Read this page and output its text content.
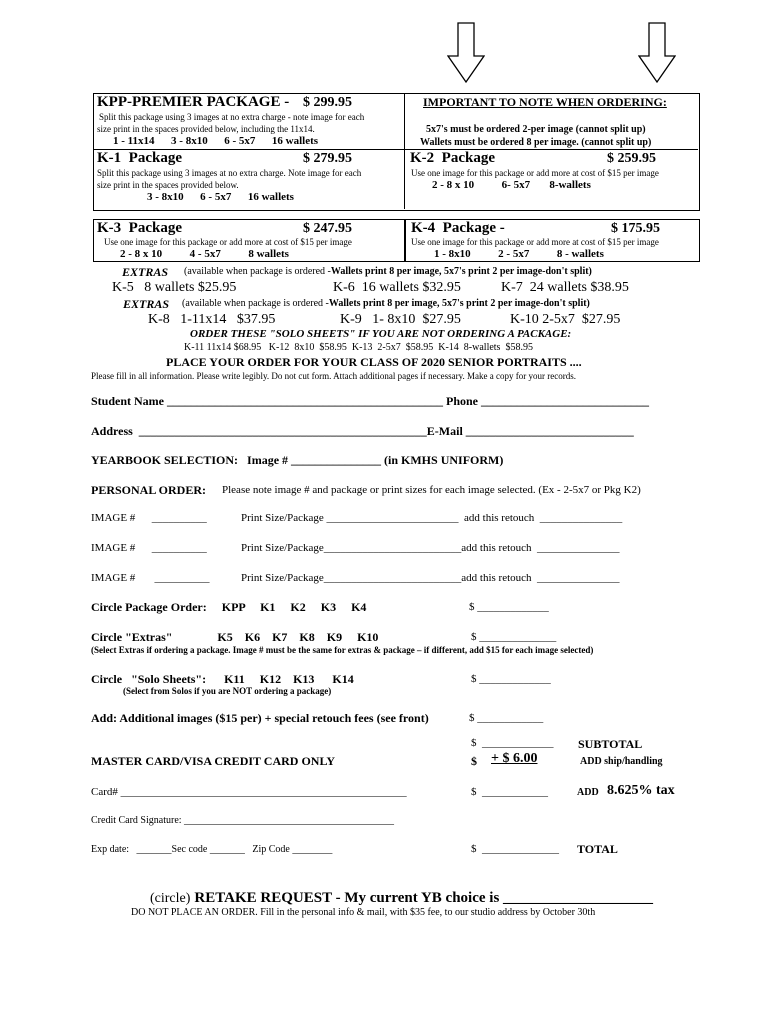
KPP-PREMIER PACKAGE - $ 299.95
Split this package using 3 images at no extra charge - note image for each
size print in the spaces provided below, including the 11x14.
1 - 11x14      3 - 8x10      6 - 5x7      16 wallets
IMPORTANT TO NOTE WHEN ORDERING:
5x7's must be ordered 2-per image (cannot split up)
Wallets must be ordered 8 per image. (cannot split up)
K-1  Package	$ 279.95
Split this package using 3 images at no extra charge. Note image for each
size print in the spaces provided below.
3 - 8x10      6 - 5x7      16 wallets
K-2  Package	$ 259.95
Use one image for this package or add more at cost of $15 per image
2 - 8 x 10          6- 5x7       8-wallets
K-3  Package	$ 247.95
Use one image for this package or add more at cost of $15 per image
2 - 8 x 10          4 - 5x7          8 wallets
K-4  Package -	$ 175.95
Use one image for this package or add more at cost of $15 per image
1 - 8x10          2 - 5x7          8 - wallets
EXTRAS (available when package is ordered -Wallets print 8 per image, 5x7's print 2 per image-don't split)
K-5   8 wallets $25.95	K-6  16 wallets $32.95	K-7  24 wallets $38.95
EXTRAS (available when package is ordered -Wallets print 8 per image, 5x7's print 2 per image-don't split)
K-8   1-11x14   $37.95	K-9   1- 8x10  $27.95	K-10 2-5x7  $27.95
ORDER THESE "SOLO SHEETS" IF YOU ARE NOT ORDERING A PACKAGE:
K-11 11x14 $68.95   K-12  8x10  $58.95  K-13  2-5x7  $58.95  K-14  8-wallets  $58.95
PLACE YOUR ORDER FOR YOUR CLASS OF 2020 SENIOR PORTRAITS ....
Please fill in all information. Please write legibly. Do not cut form. Attach additional pages if necessary. Make a copy for your records.
Student Name ______________________________________________ Phone ____________________________
Address  ________________________________________________E-Mail ____________________________
YEARBOOK SELECTION:   Image # _______________ (in KMHS UNIFORM)
PERSONAL ORDER: Please note image # and package or print sizes for each image selected. (Ex - 2-5x7 or Pkg K2)
IMAGE #      __________	Print Size/Package ________________________  add this retouch  _______________
IMAGE #      __________	Print Size/Package_________________________add this retouch  _______________
IMAGE #       __________	Print Size/Package_________________________add this retouch  _______________
Circle Package Order:     KPP     K1     K2     K3     K4	$ _____________
Circle "Extras"               K5    K6    K7    K8    K9     K10	$ ______________
(Select Extras if ordering a package. Image # must be the same for extras & package – if different, add $15 for each image selected)
Circle   "Solo Sheets":      K11     K12    K13      K14	$ _____________
(Select from Solos if you are NOT ordering a package)
Add: Additional images ($15 per) + special retouch fees (see front)	$ ____________
$  _____________ SUBTOTAL
MASTER CARD/VISA CREDIT CARD ONLY	$ + $ 6.00	ADD ship/handling
Card# ____________________________________________________	$  ____________	ADD 8.625% tax
Credit Card Signature: __________________________________________
Exp date:   _______Sec code _______   Zip Code ________	$  ______________ TOTAL
(circle) RETAKE REQUEST - My current YB choice is ____________________
DO NOT PLACE AN ORDER. Fill in the personal info & mail, with $35 fee, to our studio address by October 30th
